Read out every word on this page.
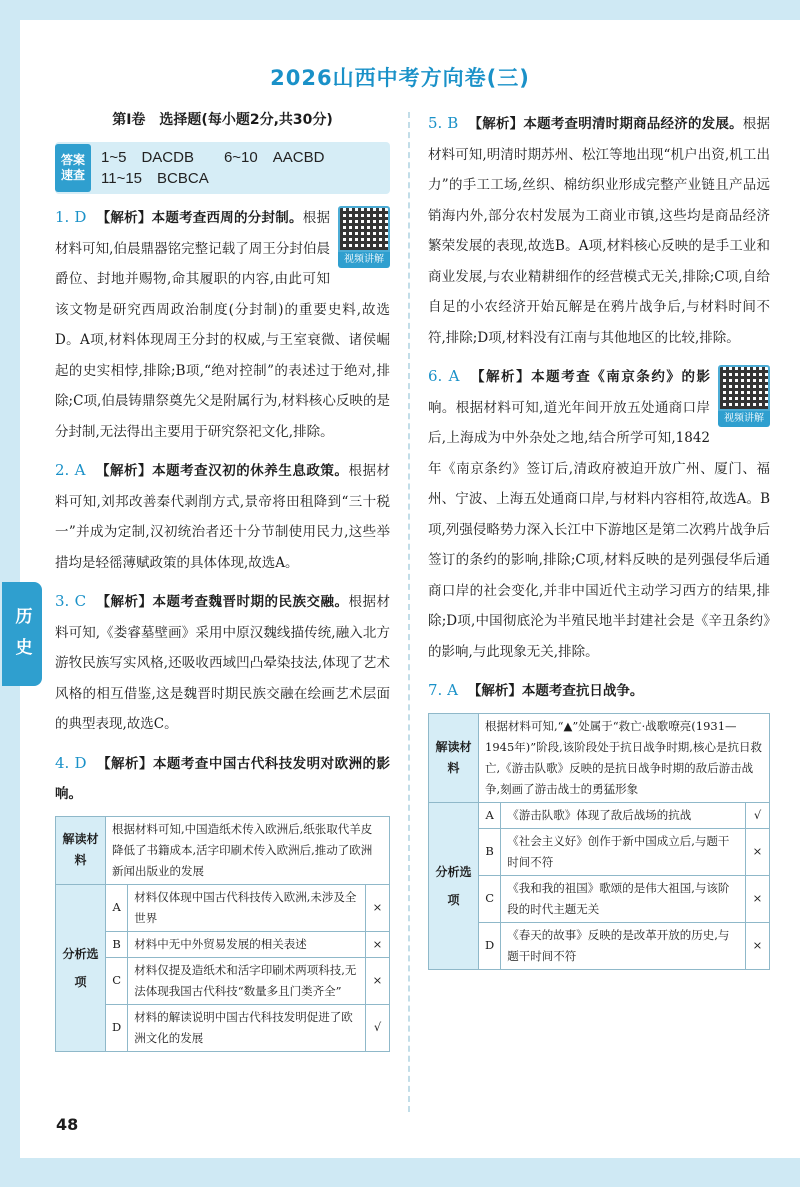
历史
2026山西中考方向卷(三)
第Ⅰ卷　选择题(每小题2分,共30分)
答案
速查
1~5　DACDB　　6~10　AACBD
11~15　BCBCA
视频讲解
1. D 【解析】本题考查西周的分封制。根据材料可知,伯晨鼎器铭完整记载了周王分封伯晨爵位、封地并赐物,命其履职的内容,由此可知该文物是研究西周政治制度(分封制)的重要史料,故选D。A项,材料体现周王分封的权威,与王室衰微、诸侯崛起的史实相悖,排除;B项,“绝对控制”的表述过于绝对,排除;C项,伯晨铸鼎祭奠先父是附属行为,材料核心反映的是分封制,无法得出主要用于研究祭祀文化,排除。
2. A 【解析】本题考查汉初的休养生息政策。根据材料可知,刘邦改善秦代剥削方式,景帝将田租降到“三十税一”并成为定制,汉初统治者还十分节制使用民力,这些举措均是轻徭薄赋政策的具体体现,故选A。
3. C 【解析】本题考查魏晋时期的民族交融。根据材料可知,《娄睿墓壁画》采用中原汉魏线描传统,融入北方游牧民族写实风格,还吸收西域凹凸晕染技法,体现了艺术风格的相互借鉴,这是魏晋时期民族交融在绘画艺术层面的典型表现,故选C。
4. D 【解析】本题考查中国古代科技发明对欧洲的影响。
解读材料	根据材料可知,中国造纸术传入欧洲后,纸张取代羊皮降低了书籍成本,活字印刷术传入欧洲后,推动了欧洲新闻出版业的发展		
分析选项	A	材料仅体现中国古代科技传入欧洲,未涉及全世界	×
	B	材料中无中外贸易发展的相关表述	×
	C	材料仅提及造纸术和活字印刷术两项科技,无法体现我国古代科技“数量多且门类齐全”	×
	D	材料的解读说明中国古代科技发明促进了欧洲文化的发展	√
5. B 【解析】本题考查明清时期商品经济的发展。根据材料可知,明清时期苏州、松江等地出现“机户出资,机工出力”的手工工场,丝织、棉纺织业形成完整产业链且产品远销海内外,部分农村发展为工商业市镇,这些均是商品经济繁荣发展的表现,故选B。A项,材料核心反映的是手工业和商业发展,与农业精耕细作的经营模式无关,排除;C项,自给自足的小农经济开始瓦解是在鸦片战争后,与材料时间不符,排除;D项,材料没有江南与其他地区的比较,排除。
视频讲解
6. A 【解析】本题考查《南京条约》的影响。根据材料可知,道光年间开放五处通商口岸后,上海成为中外杂处之地,结合所学可知,1842年《南京条约》签订后,清政府被迫开放广州、厦门、福州、宁波、上海五处通商口岸,与材料内容相符,故选A。B项,列强侵略势力深入长江中下游地区是第二次鸦片战争后签订的条约的影响,排除;C项,材料反映的是列强侵华后通商口岸的社会变化,并非中国近代主动学习西方的结果,排除;D项,中国彻底沦为半殖民地半封建社会是《辛丑条约》的影响,与此现象无关,排除。
7. A 【解析】本题考查抗日战争。
解读材料	根据材料可知,“▲”处属于“救亡·战歌嘹亮(1931—1945年)”阶段,该阶段处于抗日战争时期,核心是抗日救亡,《游击队歌》反映的是抗日战争时期的敌后游击战争,刻画了游击战士的勇猛形象		
分析选项	A	《游击队歌》体现了敌后战场的抗战	√
	B	《社会主义好》创作于新中国成立后,与题干时间不符	×
	C	《我和我的祖国》歌颂的是伟大祖国,与该阶段的时代主题无关	×
	D	《春天的故事》反映的是改革开放的历史,与题干时间不符	×
48
